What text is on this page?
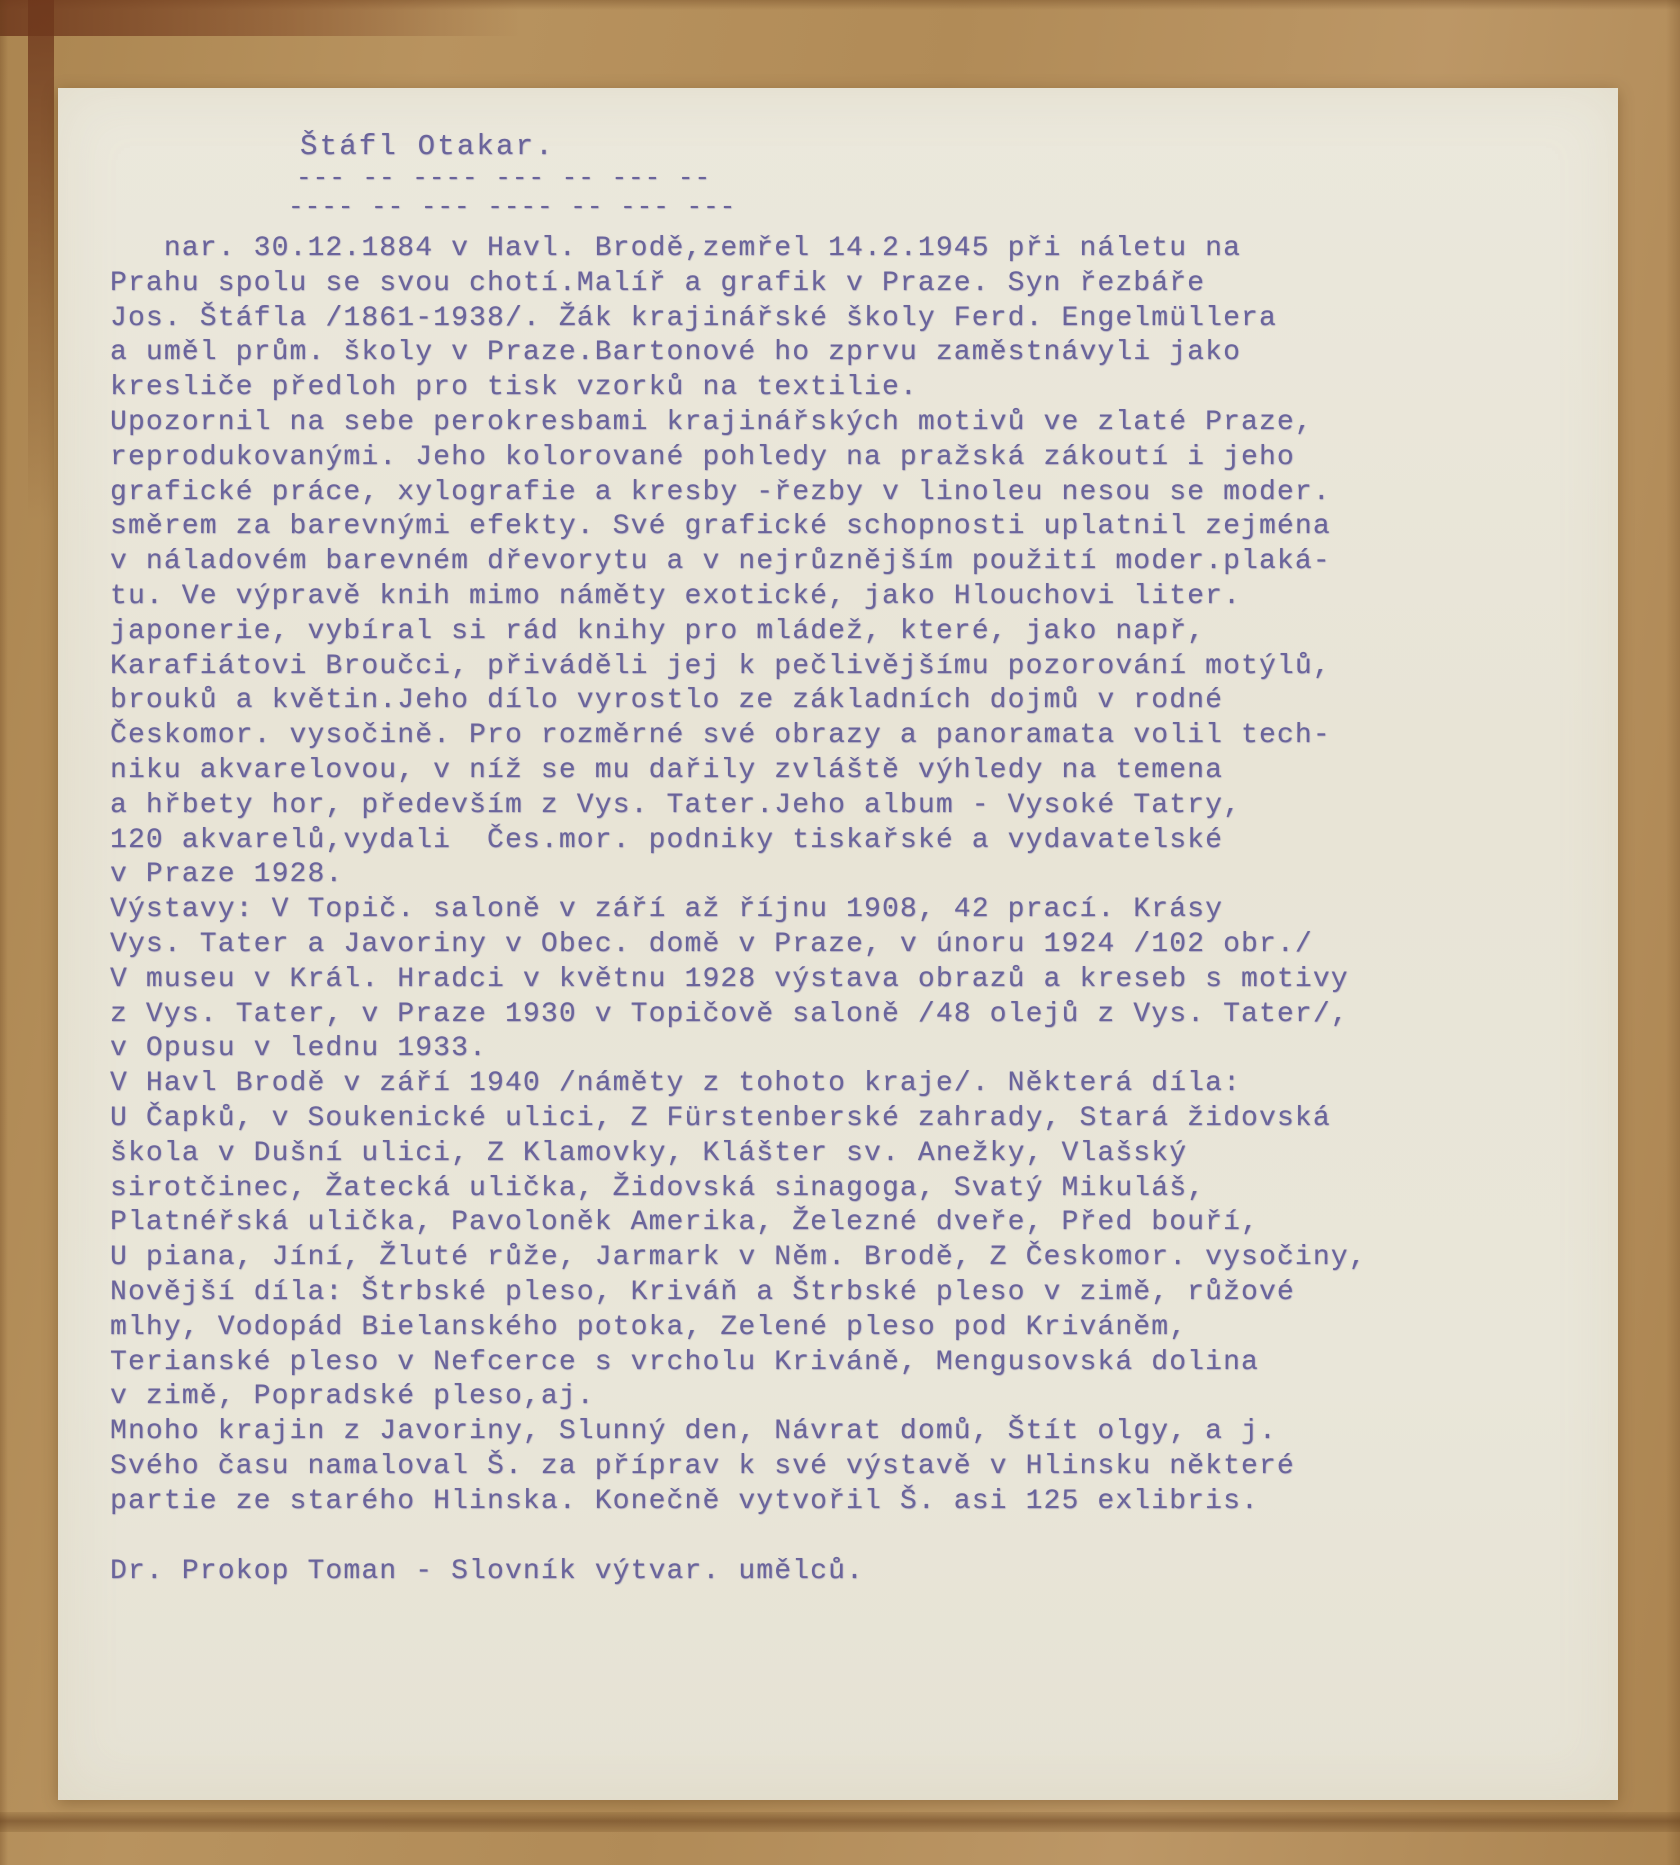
Štáfl Otakar.
--- -- ---- --- -- --- --
---- -- --- ---- -- --- ---
nar. 30.12.1884 v Havl. Brodě,zemřel 14.2.1945 při náletu na
Prahu spolu se svou chotí.Malíř a grafik v Praze. Syn řezbáře
Jos. Štáfla /1861-1938/. Žák krajinářské školy Ferd. Engelmüllera
a uměl prům. školy v Praze.Bartonové ho zprvu zaměstnávyli jako
kresliče předloh pro tisk vzorků na textilie.
Upozornil na sebe perokresbami krajinářských motivů ve zlaté Praze,
reprodukovanými. Jeho kolorované pohledy na pražská zákoutí i jeho
grafické práce, xylografie a kresby -řezby v linoleu nesou se moder.
směrem za barevnými efekty. Své grafické schopnosti uplatnil zejména
v náladovém barevném dřevorytu a v nejrůznějším použití moder.plaká-
tu. Ve výpravě knih mimo náměty exotické, jako Hlouchovi liter.
japonerie, vybíral si rád knihy pro mládež, které, jako např,
Karafiátovi Broučci, přiváděli jej k pečlivějšímu pozorování motýlů,
brouků a květin.Jeho dílo vyrostlo ze základních dojmů v rodné
Českomor. vysočině. Pro rozměrné své obrazy a panoramata volil tech-
niku akvarelovou, v níž se mu dařily zvláště výhledy na temena
a hřbety hor, především z Vys. Tater.Jeho album - Vysoké Tatry,
120 akvarelů,vydali  Čes.mor. podniky tiskařské a vydavatelské
v Praze 1928.
Výstavy: V Topič. saloně v září až říjnu 1908, 42 prací. Krásy
Vys. Tater a Javoriny v Obec. domě v Praze, v únoru 1924 /102 obr./
V museu v Král. Hradci v květnu 1928 výstava obrazů a kreseb s motivy
z Vys. Tater, v Praze 1930 v Topičově saloně /48 olejů z Vys. Tater/,
v Opusu v lednu 1933.
V Havl Brodě v září 1940 /náměty z tohoto kraje/. Některá díla:
U Čapků, v Soukenické ulici, Z Fürstenberské zahrady, Stará židovská
škola v Dušní ulici, Z Klamovky, Klášter sv. Anežky, Vlašský
sirotčinec, Žatecká ulička, Židovská sinagoga, Svatý Mikuláš,
Platnéřská ulička, Pavoloněk Amerika, Železné dveře, Před bouří,
U piana, Jíní, Žluté růže, Jarmark v Něm. Brodě, Z Českomor. vysočiny,
Novější díla: Štrbské pleso, Kriváň a Štrbské pleso v zimě, růžové
mlhy, Vodopád Bielanského potoka, Zelené pleso pod Kriváněm,
Terianské pleso v Nefcerce s vrcholu Kriváně, Mengusovská dolina
v zimě, Popradské pleso,aj.
Mnoho krajin z Javoriny, Slunný den, Návrat domů, Štít olgy, a j.
Svého času namaloval Š. za příprav k své výstavě v Hlinsku některé
partie ze starého Hlinska. Konečně vytvořil Š. asi 125 exlibris.
Dr. Prokop Toman - Slovník výtvar. umělců.
